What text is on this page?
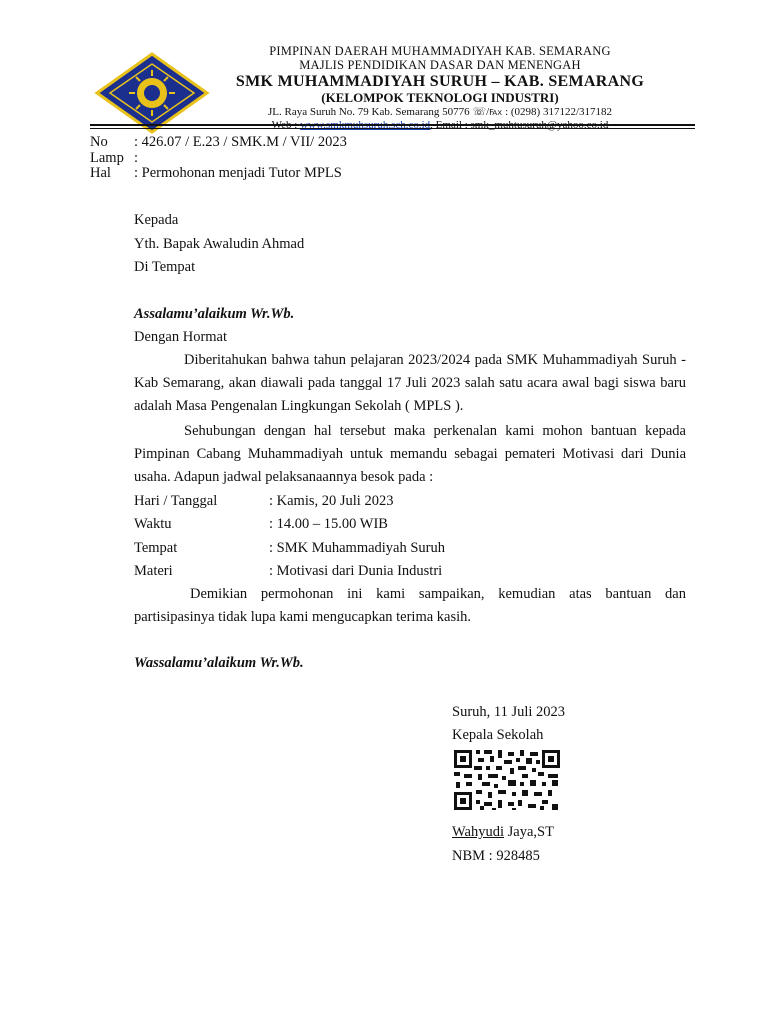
PIMPINAN DAERAH MUHAMMADIYAH KAB. SEMARANG
MAJLIS PENDIDIKAN DASAR DAN MENENGAH
SMK MUHAMMADIYAH SURUH – KAB. SEMARANG
(KELOMPOK TEKNOLOGI INDUSTRI)
JL. Raya Suruh No. 79 Kab. Semarang 50776 ☏/℻ : (0298) 317122/317182
Web : www.smkmuhsuruh.sch.co.id, Email : smk_muhtusuruh@yahoo.co.id
No : 426.07 / E.23 / SMK.M / VII/ 2023
Lamp :
Hal : Permohonan menjadi Tutor MPLS
Kepada
Yth. Bapak Awaludin Ahmad
Di Tempat
Assalamu’alaikum Wr.Wb.
Dengan Hormat
Diberitahukan bahwa tahun pelajaran 2023/2024 pada SMK Muhammadiyah Suruh - Kab Semarang, akan diawali pada tanggal 17 Juli 2023 salah satu acara awal bagi siswa baru adalah Masa Pengenalan Lingkungan Sekolah ( MPLS ).
Sehubungan dengan hal tersebut maka perkenalan kami mohon bantuan kepada Pimpinan Cabang Muhammadiyah untuk memandu sebagai pemateri Motivasi dari Dunia usaha. Adapun jadwal pelaksanaannya besok pada :
Hari / Tanggal	: Kamis, 20 Juli 2023
Waktu	: 14.00 – 15.00 WIB
Tempat	: SMK Muhammadiyah Suruh
Materi	: Motivasi dari Dunia Industri
Demikian permohonan ini kami sampaikan, kemudian atas bantuan dan partisipasinya tidak lupa kami mengucapkan terima kasih.
Wassalamu’alaikum Wr.Wb.
Suruh, 11 Juli 2023
Kepala Sekolah
Wahyudi Jaya,ST
NBM : 928485
